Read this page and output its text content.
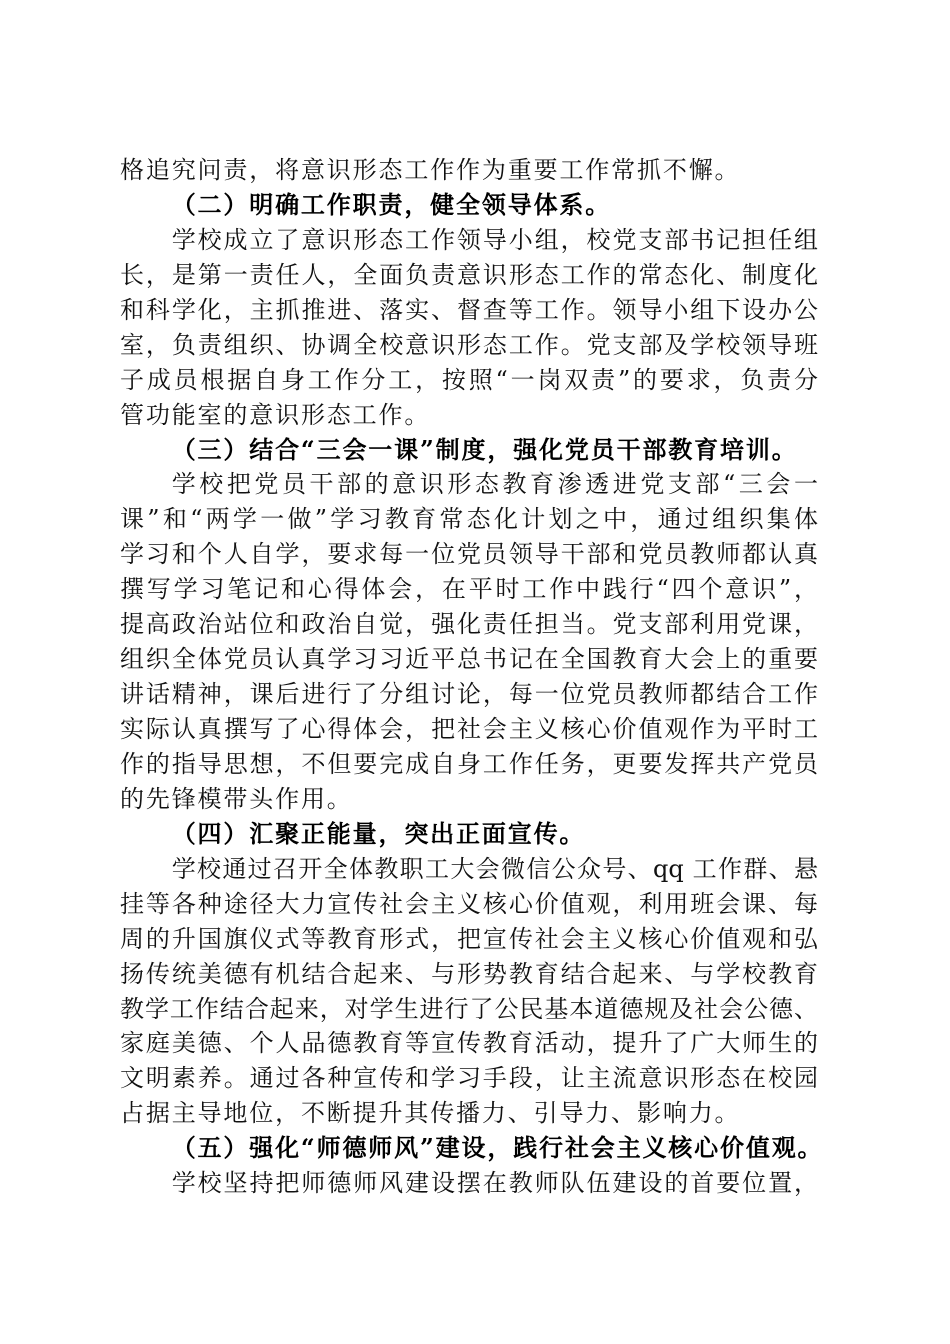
格追究问责，将意识形态工作作为重要工作常抓不懈。
（二）明确工作职责，健全领导体系。
学校成立了意识形态工作领导小组，校党支部书记担任组
长，是第一责任人，全面负责意识形态工作的常态化、制度化
和科学化，主抓推进、落实、督查等工作。领导小组下设办公
室，负责组织、协调全校意识形态工作。党支部及学校领导班
子成员根据自身工作分工，按照“一岗双责”的要求，负责分
管功能室的意识形态工作。
（三）结合“三会一课”制度，强化党员干部教育培训。
学校把党员干部的意识形态教育渗透进党支部“三会一
课”和“两学一做”学习教育常态化计划之中，通过组织集体
学习和个人自学，要求每一位党员领导干部和党员教师都认真
撰写学习笔记和心得体会，在平时工作中践行“四个意识”，
提高政治站位和政治自觉，强化责任担当。党支部利用党课，
组织全体党员认真学习习近平总书记在全国教育大会上的重要
讲话精神，课后进行了分组讨论，每一位党员教师都结合工作
实际认真撰写了心得体会，把社会主义核心价值观作为平时工
作的指导思想，不但要完成自身工作任务，更要发挥共产党员
的先锋模带头作用。
（四）汇聚正能量，突出正面宣传。
学校通过召开全体教职工大会微信公众号、qq 工作群、悬
挂等各种途径大力宣传社会主义核心价值观，利用班会课、每
周的升国旗仪式等教育形式，把宣传社会主义核心价值观和弘
扬传统美德有机结合起来、与形势教育结合起来、与学校教育
教学工作结合起来，对学生进行了公民基本道德规及社会公德、
家庭美德、个人品德教育等宣传教育活动，提升了广大师生的
文明素养。通过各种宣传和学习手段，让主流意识形态在校园
占据主导地位，不断提升其传播力、引导力、影响力。
（五）强化“师德师风”建设，践行社会主义核心价值观。
学校坚持把师德师风建设摆在教师队伍建设的首要位置，
